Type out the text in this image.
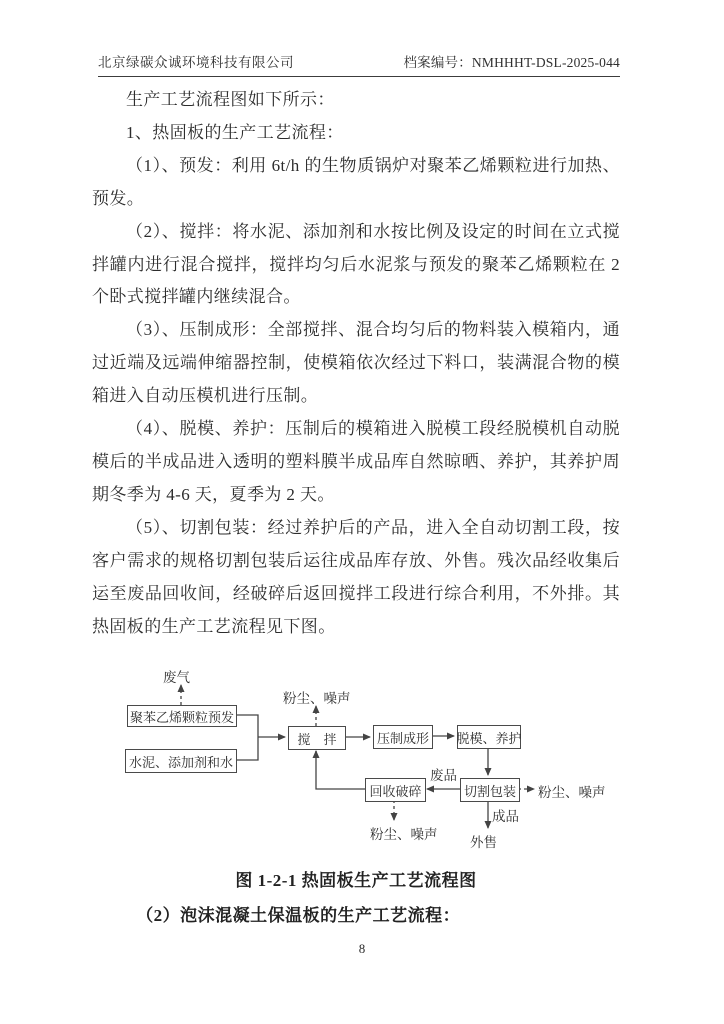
北京绿碳众诚环境科技有限公司	档案编号：NMHHHT-DSL-2025-044

生产工艺流程图如下所示：

1、热固板的生产工艺流程：

（1）、预发：利用 6t/h 的生物质锅炉对聚苯乙烯颗粒进行加热、预发。

（2）、搅拌：将水泥、添加剂和水按比例及设定的时间在立式搅拌罐内进行混合搅拌，搅拌均匀后水泥浆与预发的聚苯乙烯颗粒在 2 个卧式搅拌罐内继续混合。

（3）、压制成形：全部搅拌、混合均匀后的物料装入模箱内，通过近端及远端伸缩器控制，使模箱依次经过下料口，装满混合物的模箱进入自动压模机进行压制。

（4）、脱模、养护：压制后的模箱进入脱模工段经脱模机自动脱模后的半成品进入透明的塑料膜半成品库自然晾晒、养护，其养护周期冬季为 4-6 天，夏季为 2 天。

（5）、切割包装：经过养护后的产品，进入全自动切割工段，按客户需求的规格切割包装后运往成品库存放、外售。残次品经收集后运至废品回收间，经破碎后返回搅拌工段进行综合利用，不外排。其热固板的生产工艺流程见下图。

聚苯乙烯颗粒预发
水泥、添加剂和水
搅　拌	压制成形	脱模、养护
切割包装
回收破碎
废气
粉尘、噪声
废品
粉尘、噪声
成品
外售
粉尘、噪声
图 1-2-1 热固板生产工艺流程图
（2）泡沫混凝土保温板的生产工艺流程：
8
